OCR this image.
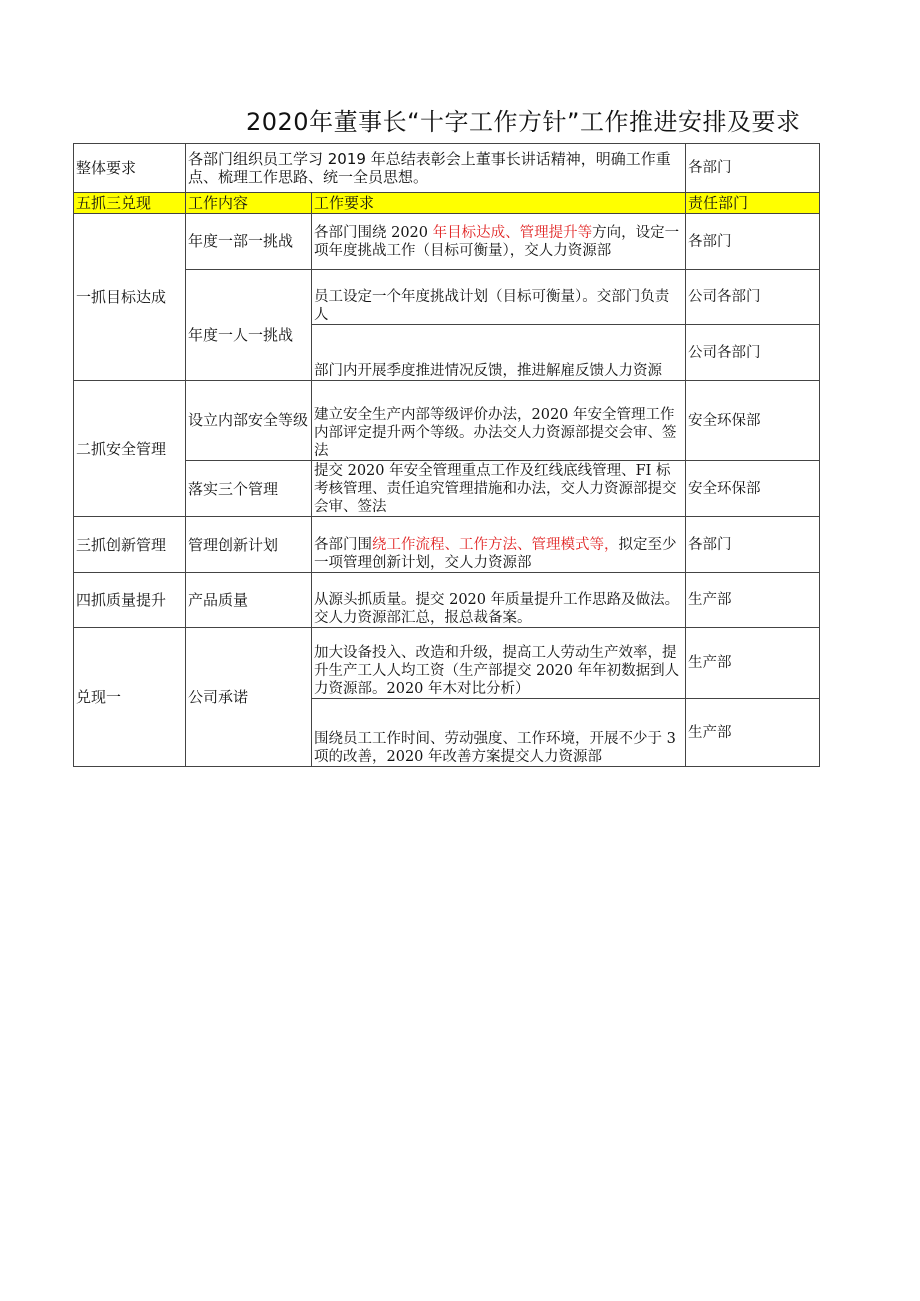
2020年董事长“十字工作方针”工作推进安排及要求
整体要求	各部门组织员工学习 2019 年总结表彰会上董事长讲话精神，明确工作重点、梳理工作思路、统一全员思想。		各部门
五抓三兑现	工作内容	工作要求	责任部门
一抓目标达成	年度一部一挑战	各部门围绕 2020 年目标达成、管理提升等方向，设定一项年度挑战工作（目标可衡量），交人力资源部	各部门

	年度一人一挑战	员工设定一个年度挑战计划（目标可衡量）。交部门负责人	公司各部门
		部门内开展季度推进情况反馈，推进解雇反馈人力资源	公司各部门
二抓安全管理	设立内部安全等级	建立安全生产内部等级评价办法，2020 年安全管理工作内部评定提升两个等级。办法交人力资源部提交会审、签法	安全环保部
	落实三个管理	提交 2020 年安全管理重点工作及红线底线管理、FI 标考核管理、责任追究管理措施和办法，交人力资源部提交会审、签法	安全环保部
三抓创新管理	管理创新计划	各部门围绕工作流程、工作方法、管理模式等，拟定至少一项管理创新计划，交人力资源部	各部门
四抓质量提升	产品质量	从源头抓质量。提交 2020 年质量提升工作思路及做法。交人力资源部汇总，报总裁备案。	生产部
兑现一	公司承诺	加大设备投入、改造和升级，提高工人劳动生产效率，提升生产工人人均工资（生产部提交 2020 年年初数据到人力资源部。2020 年木对比分析）	生产部
		围绕员工工作时间、劳动强度、工作环境，开展不少于 3 项的改善，2020 年改善方案提交人力资源部	生产部
